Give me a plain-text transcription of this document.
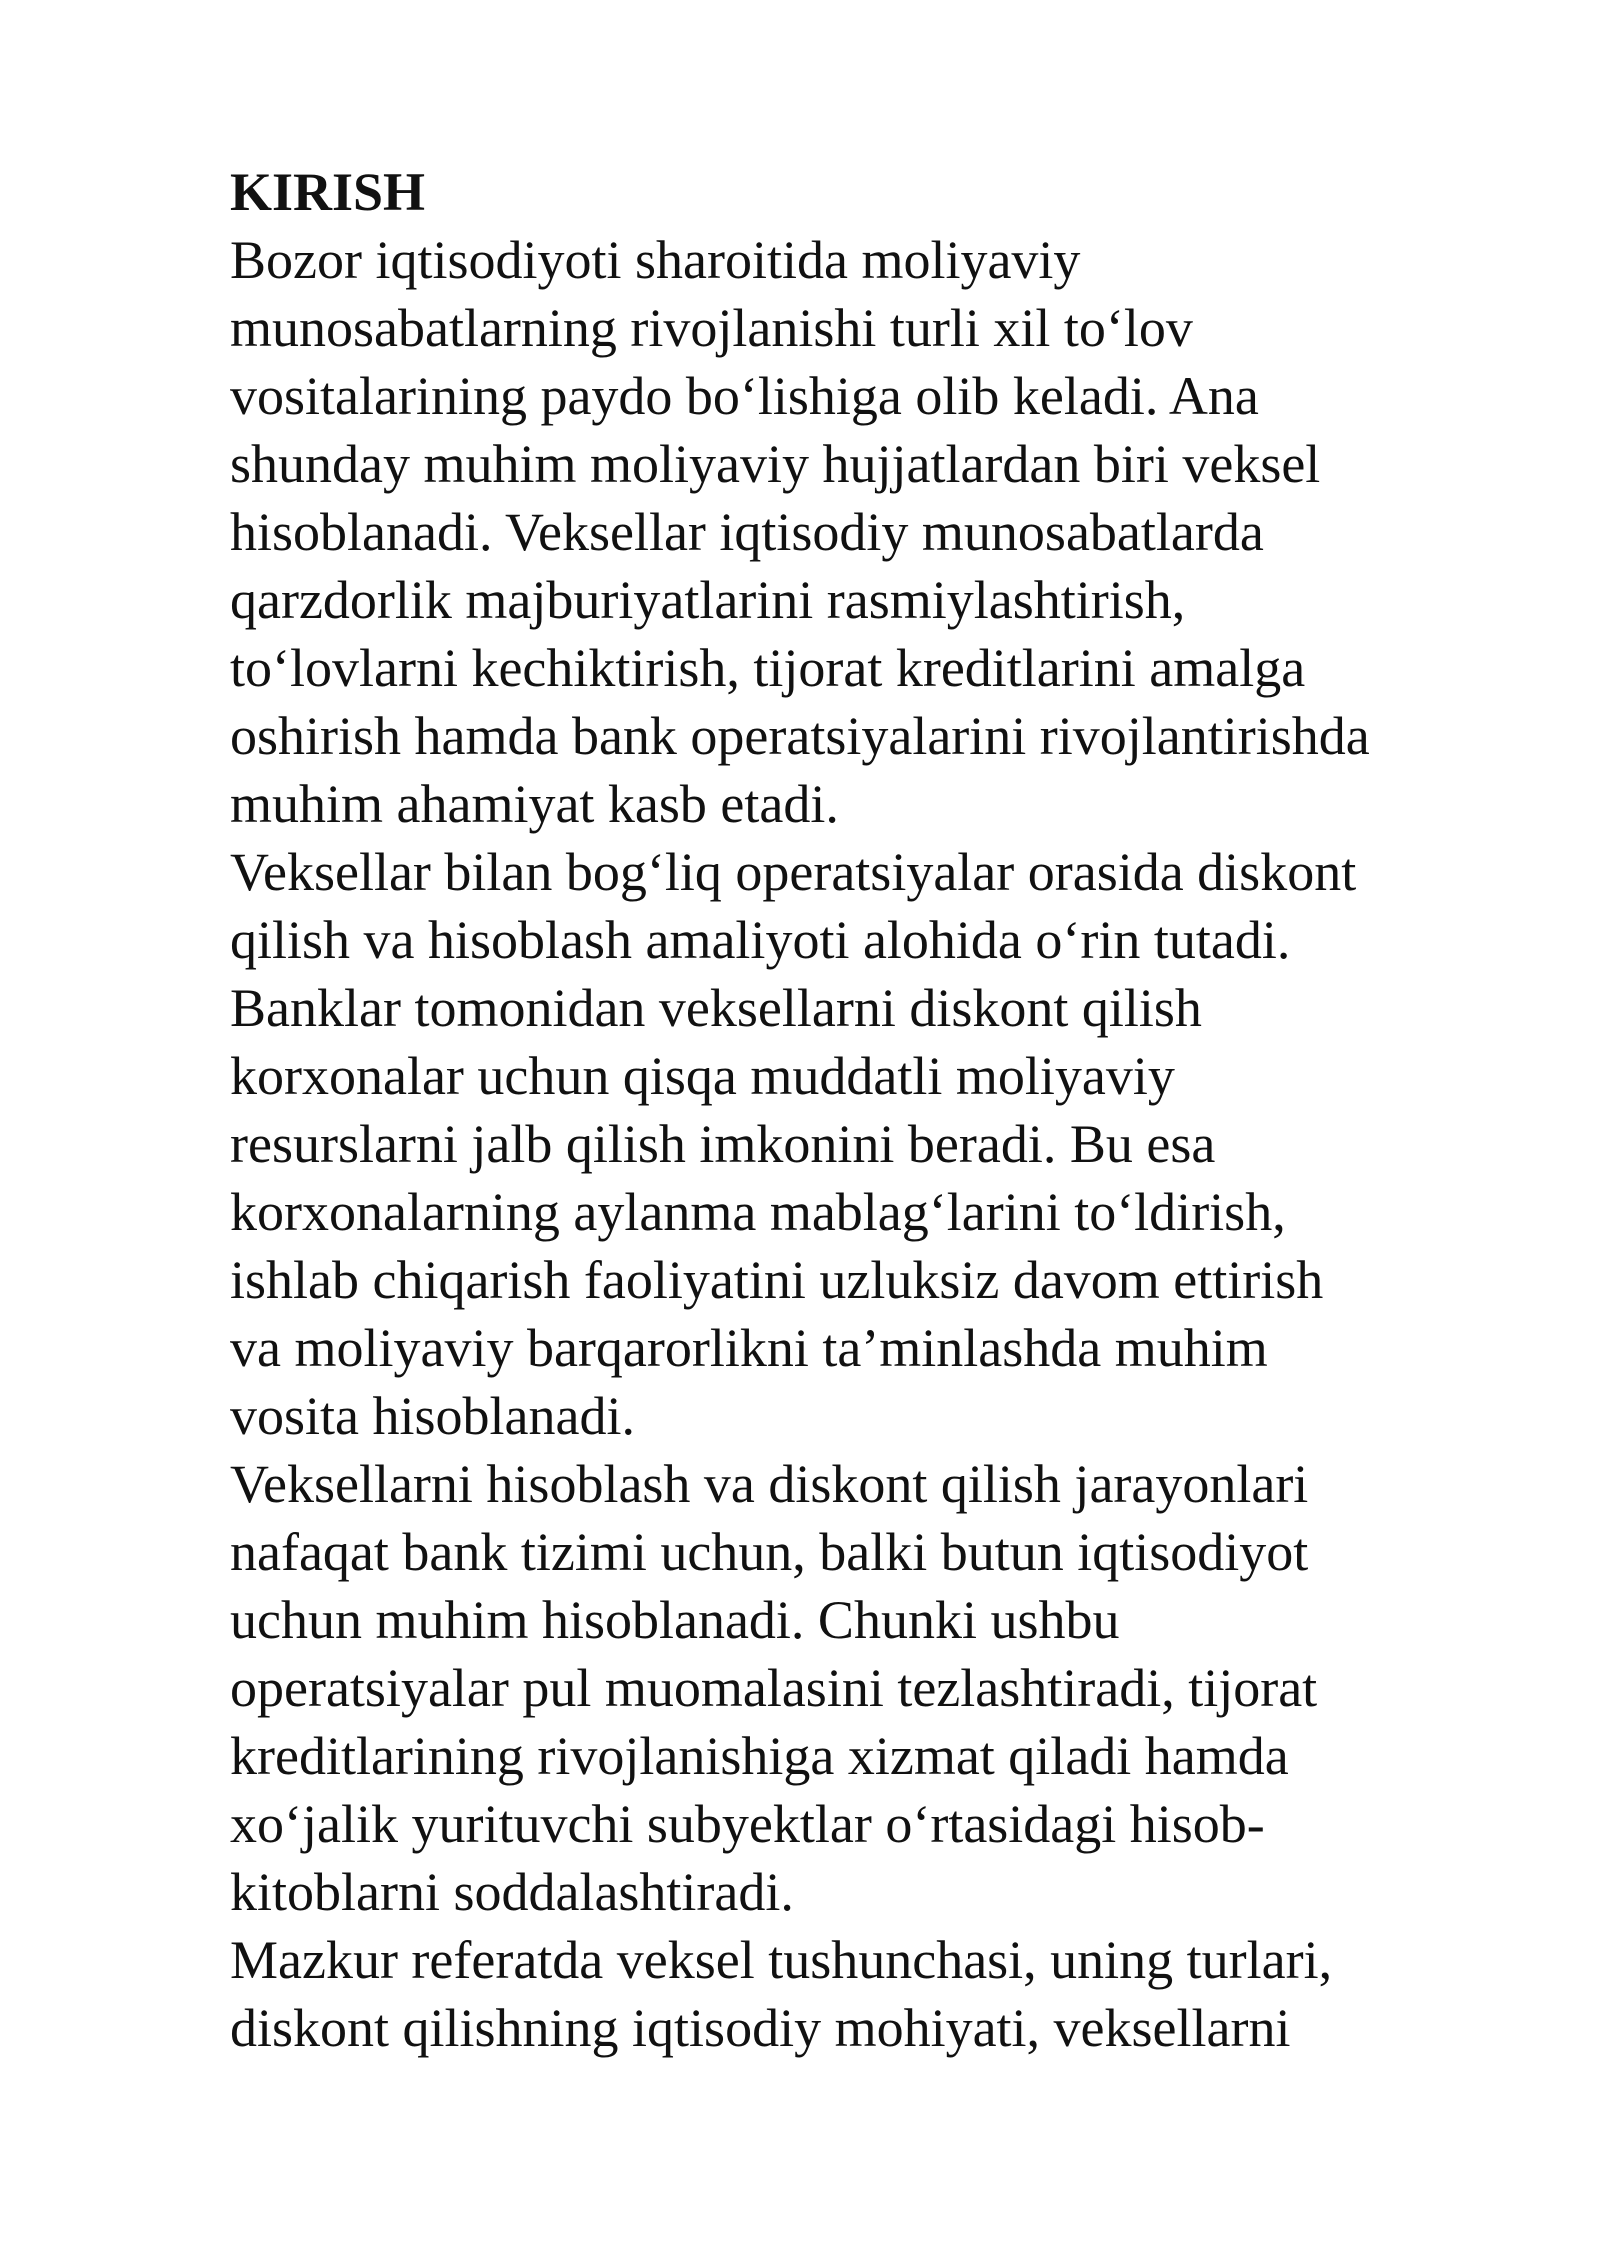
KIRISH

Bozor iqtisodiyoti sharoitida moliyaviy
munosabatlarning rivojlanishi turli xil to‘lov
vositalarining paydo bo‘lishiga olib keladi. Ana
shunday muhim moliyaviy hujjatlardan biri veksel
hisoblanadi. Veksellar iqtisodiy munosabatlarda
qarzdorlik majburiyatlarini rasmiylashtirish,
to‘lovlarni kechiktirish, tijorat kreditlarini amalga
oshirish hamda bank operatsiyalarini rivojlantirishda
muhim ahamiyat kasb etadi.

Veksellar bilan bog‘liq operatsiyalar orasida diskont
qilish va hisoblash amaliyoti alohida o‘rin tutadi.
Banklar tomonidan veksellarni diskont qilish
korxonalar uchun qisqa muddatli moliyaviy
resurslarni jalb qilish imkonini beradi. Bu esa
korxonalarning aylanma mablag‘larini to‘ldirish,
ishlab chiqarish faoliyatini uzluksiz davom ettirish
va moliyaviy barqarorlikni ta’minlashda muhim
vosita hisoblanadi.

Veksellarni hisoblash va diskont qilish jarayonlari
nafaqat bank tizimi uchun, balki butun iqtisodiyot
uchun muhim hisoblanadi. Chunki ushbu
operatsiyalar pul muomalasini tezlashtiradi, tijorat
kreditlarining rivojlanishiga xizmat qiladi hamda
xo‘jalik yurituvchi subyektlar o‘rtasidagi hisob-
kitoblarni soddalashtiradi.

Mazkur referatda veksel tushunchasi, uning turlari,
diskont qilishning iqtisodiy mohiyati, veksellarni
